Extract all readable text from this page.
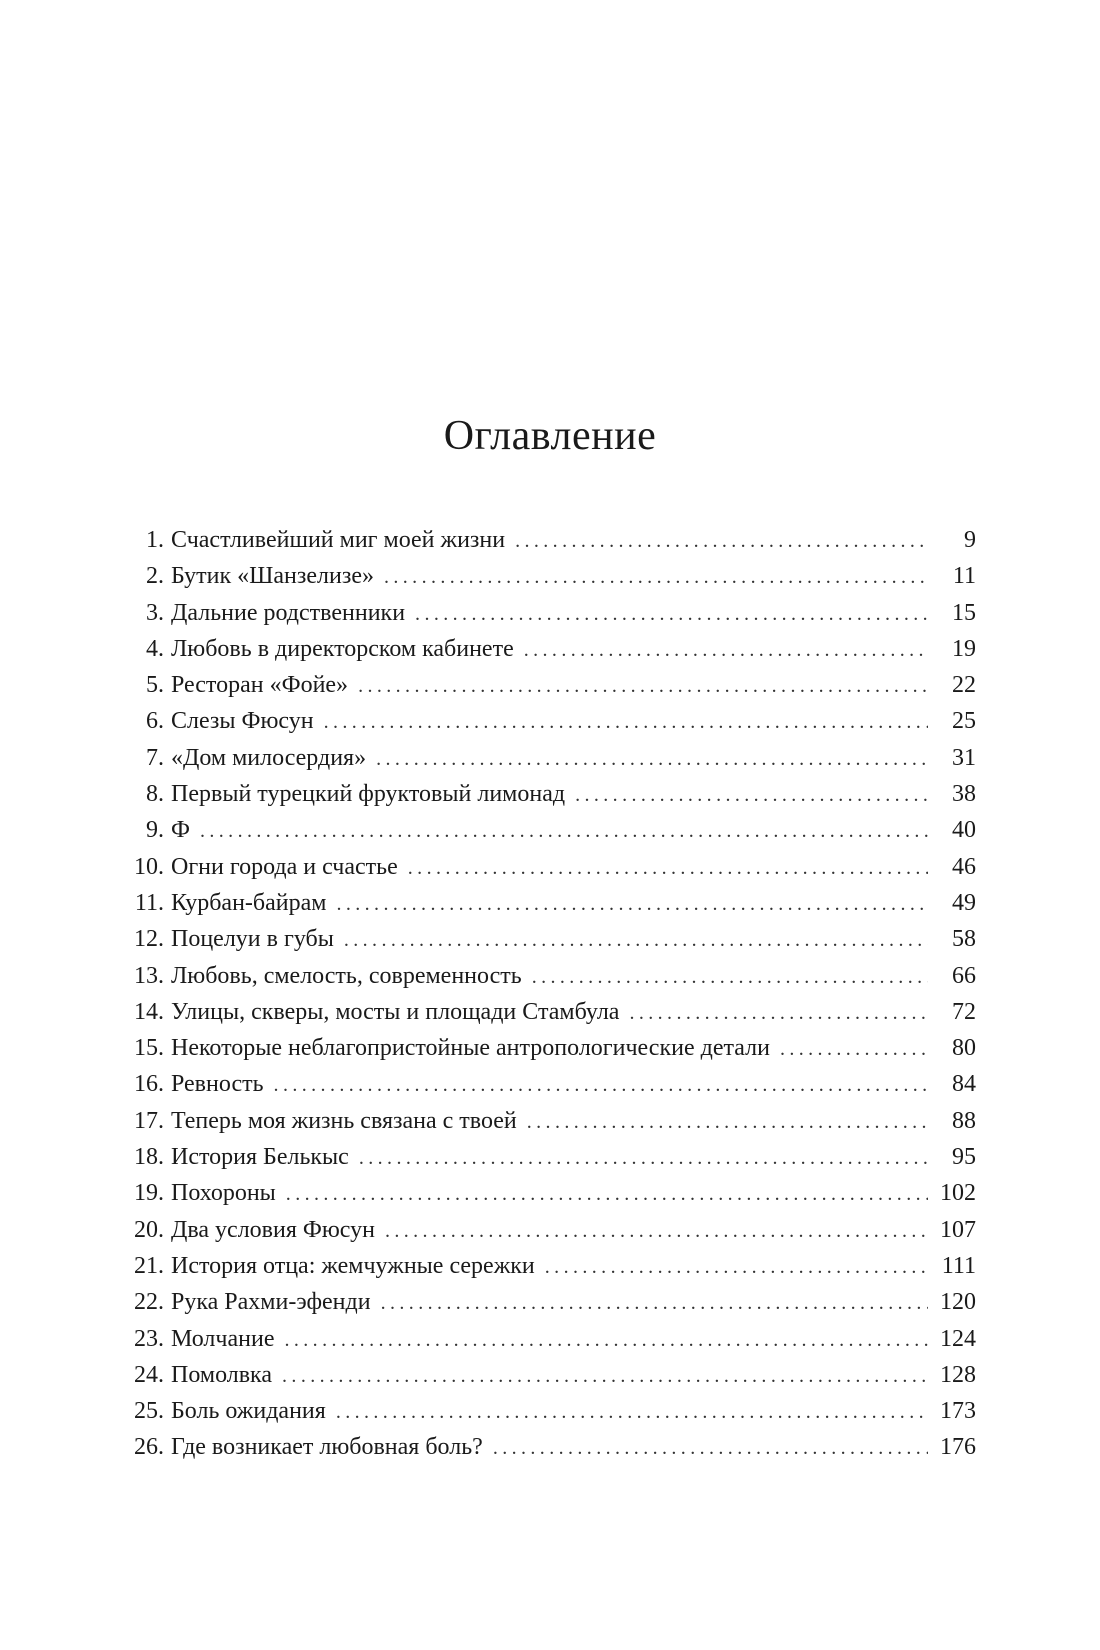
Оглавление
1. Счастливейший миг моей жизни .....	9
2. Бутик «Шанзелизе» .....	11
3. Дальние родственники .....	15
4. Любовь в директорском кабинете .....	19
5. Ресторан «Фойе» .....	22
6. Слезы Фюсун .....	25
7. «Дом милосердия» .....	31
8. Первый турецкий фруктовый лимонад .....	38
9. Ф .....	40
10. Огни города и счастье .....	46
11. Курбан-байрам .....	49
12. Поцелуи в губы .....	58
13. Любовь, смелость, современность .....	66
14. Улицы, скверы, мосты и площади Стамбула .....	72
15. Некоторые неблагопристойные антропологические детали .....	80
16. Ревность .....	84
17. Теперь моя жизнь связана с твоей .....	88
18. История Белькыс .....	95
19. Похороны .....	102
20. Два условия Фюсун .....	107
21. История отца: жемчужные сережки .....	111
22. Рука Рахми-эфенди .....	120
23. Молчание .....	124
24. Помолвка .....	128
25. Боль ожидания .....	173
26. Где возникает любовная боль? .....	176
